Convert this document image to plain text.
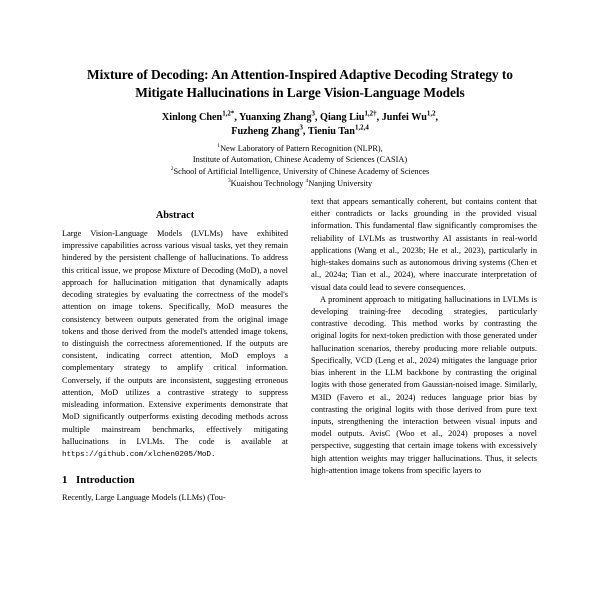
Mixture of Decoding: An Attention-Inspired Adaptive Decoding Strategy to Mitigate Hallucinations in Large Vision-Language Models
Xinlong Chen$^{1,2*}$, Yuanxing Zhang$^3$, Qiang Liu$^{1,2\dagger}$, Junfei Wu$^{1,2}$,
Fuzheng Zhang$^3$, Tieniu Tan$^{1,2,4}$
$^1$New Laboratory of Pattern Recognition (NLPR),
Institute of Automation, Chinese Academy of Sciences (CASIA)
$^2$School of Artificial Intelligence, University of Chinese Academy of Sciences
$^3$Kuaishou Technology $^4$Nanjing University
Abstract

Large Vision-Language Models (LVLMs) have exhibited impressive capabilities across various visual tasks, yet they remain hindered by the persistent challenge of hallucinations. To address this critical issue, we propose Mixture of Decoding (MoD), a novel approach for hallucination mitigation that dynamically adapts decoding strategies by evaluating the correctness of the model's attention on image tokens. Specifically, MoD measures the consistency between outputs generated from the original image tokens and those derived from the model's attended image tokens, to distinguish the correctness aforementioned. If the outputs are consistent, indicating correct attention, MoD employs a complementary strategy to amplify critical information. Conversely, if the outputs are inconsistent, suggesting erroneous attention, MoD utilizes a contrastive strategy to suppress misleading information. Extensive experiments demonstrate that MoD significantly outperforms existing decoding methods across multiple mainstream benchmarks, effectively mitigating hallucinations in LVLMs. The code is available at https://github.com/xlchen0205/MoD.

1 Introduction

Recently, Large Language Models (LLMs) (Tou-

text that appears semantically coherent, but contains content that either contradicts or lacks grounding in the provided visual information. This fundamental flaw significantly compromises the reliability of LVLMs as trustworthy AI assistants in real-world applications (Wang et al., 2023b; He et al., 2023), particularly in high-stakes domains such as autonomous driving systems (Chen et al., 2024a; Tian et al., 2024), where inaccurate interpretation of visual data could lead to severe consequences.

A prominent approach to mitigating hallucinations in LVLMs is developing training-free decoding strategies, particularly contrastive decoding. This method works by contrasting the original logits for next-token prediction with those generated under hallucination scenarios, thereby producing more reliable outputs. Specifically, VCD (Leng et al., 2024) mitigates the language prior bias inherent in the LLM backbone by contrasting the original logits with those generated from Gaussian-noised image. Similarly, M3ID (Favero et al., 2024) reduces language prior bias by contrasting the original logits with those derived from pure text inputs, strengthening the interaction between visual inputs and model outputs. AvisC (Woo et al., 2024) proposes a novel perspective, suggesting that certain image tokens with excessively high attention weights may trigger hallucinations. Thus, it selects high-attention image tokens from specific layers to
